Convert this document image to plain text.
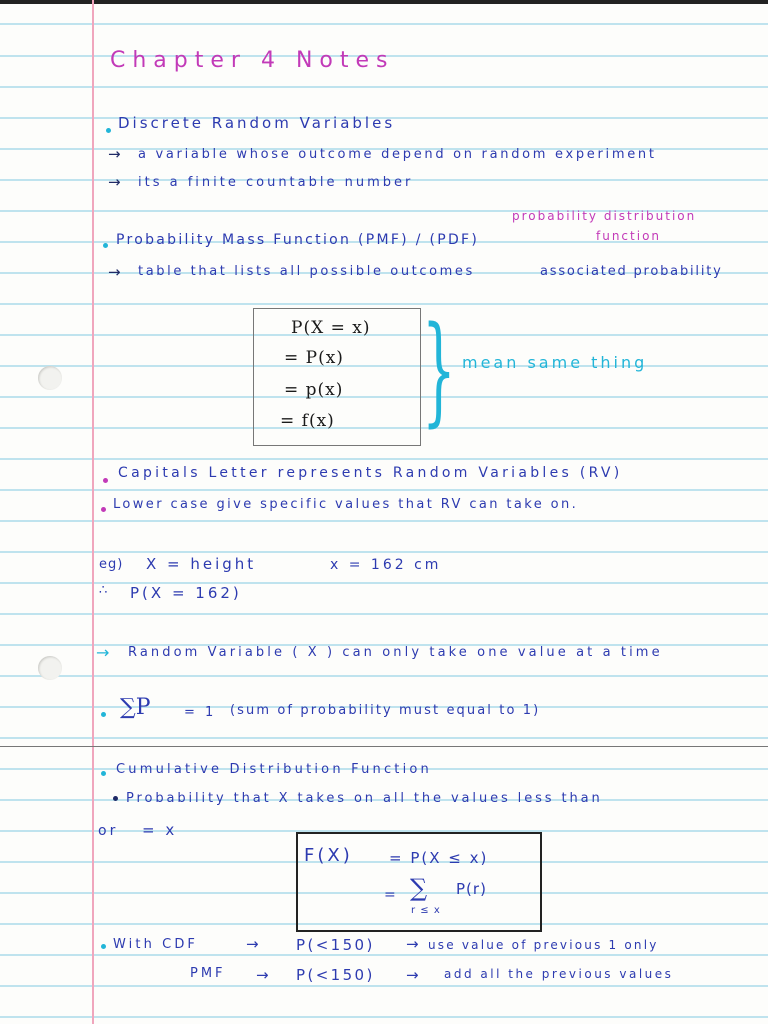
Chapter 4 Notes
Discrete Random Variables
→ a variable whose outcome depend on random experiment
→ its a finite countable number
probability distribution
function
Probability Mass Function (PMF) / (PDF)
→ table that lists all possible outcomes	associated probability
P(X = x)
= P(x)
= p(x)
= f(x) } mean same thing
Capitals Letter represents Random Variables (RV)
Lower case give specific values that RV can take on.
eg) X = height	x = 162 cm
∴ P(X = 162)
→ Random Variable ( X ) can only take one value at a time
∑P	= 1 (sum of probability must equal to 1)
Cumulative Distribution Function
Probability that X takes on all the values less than
or = x
F(X) = P(X ≤ x)
= ∑ P(r)
r ≤ x
With CDF	→ P(<150) → use value of previous 1 only
PMF → P(<150) → add all the previous values
